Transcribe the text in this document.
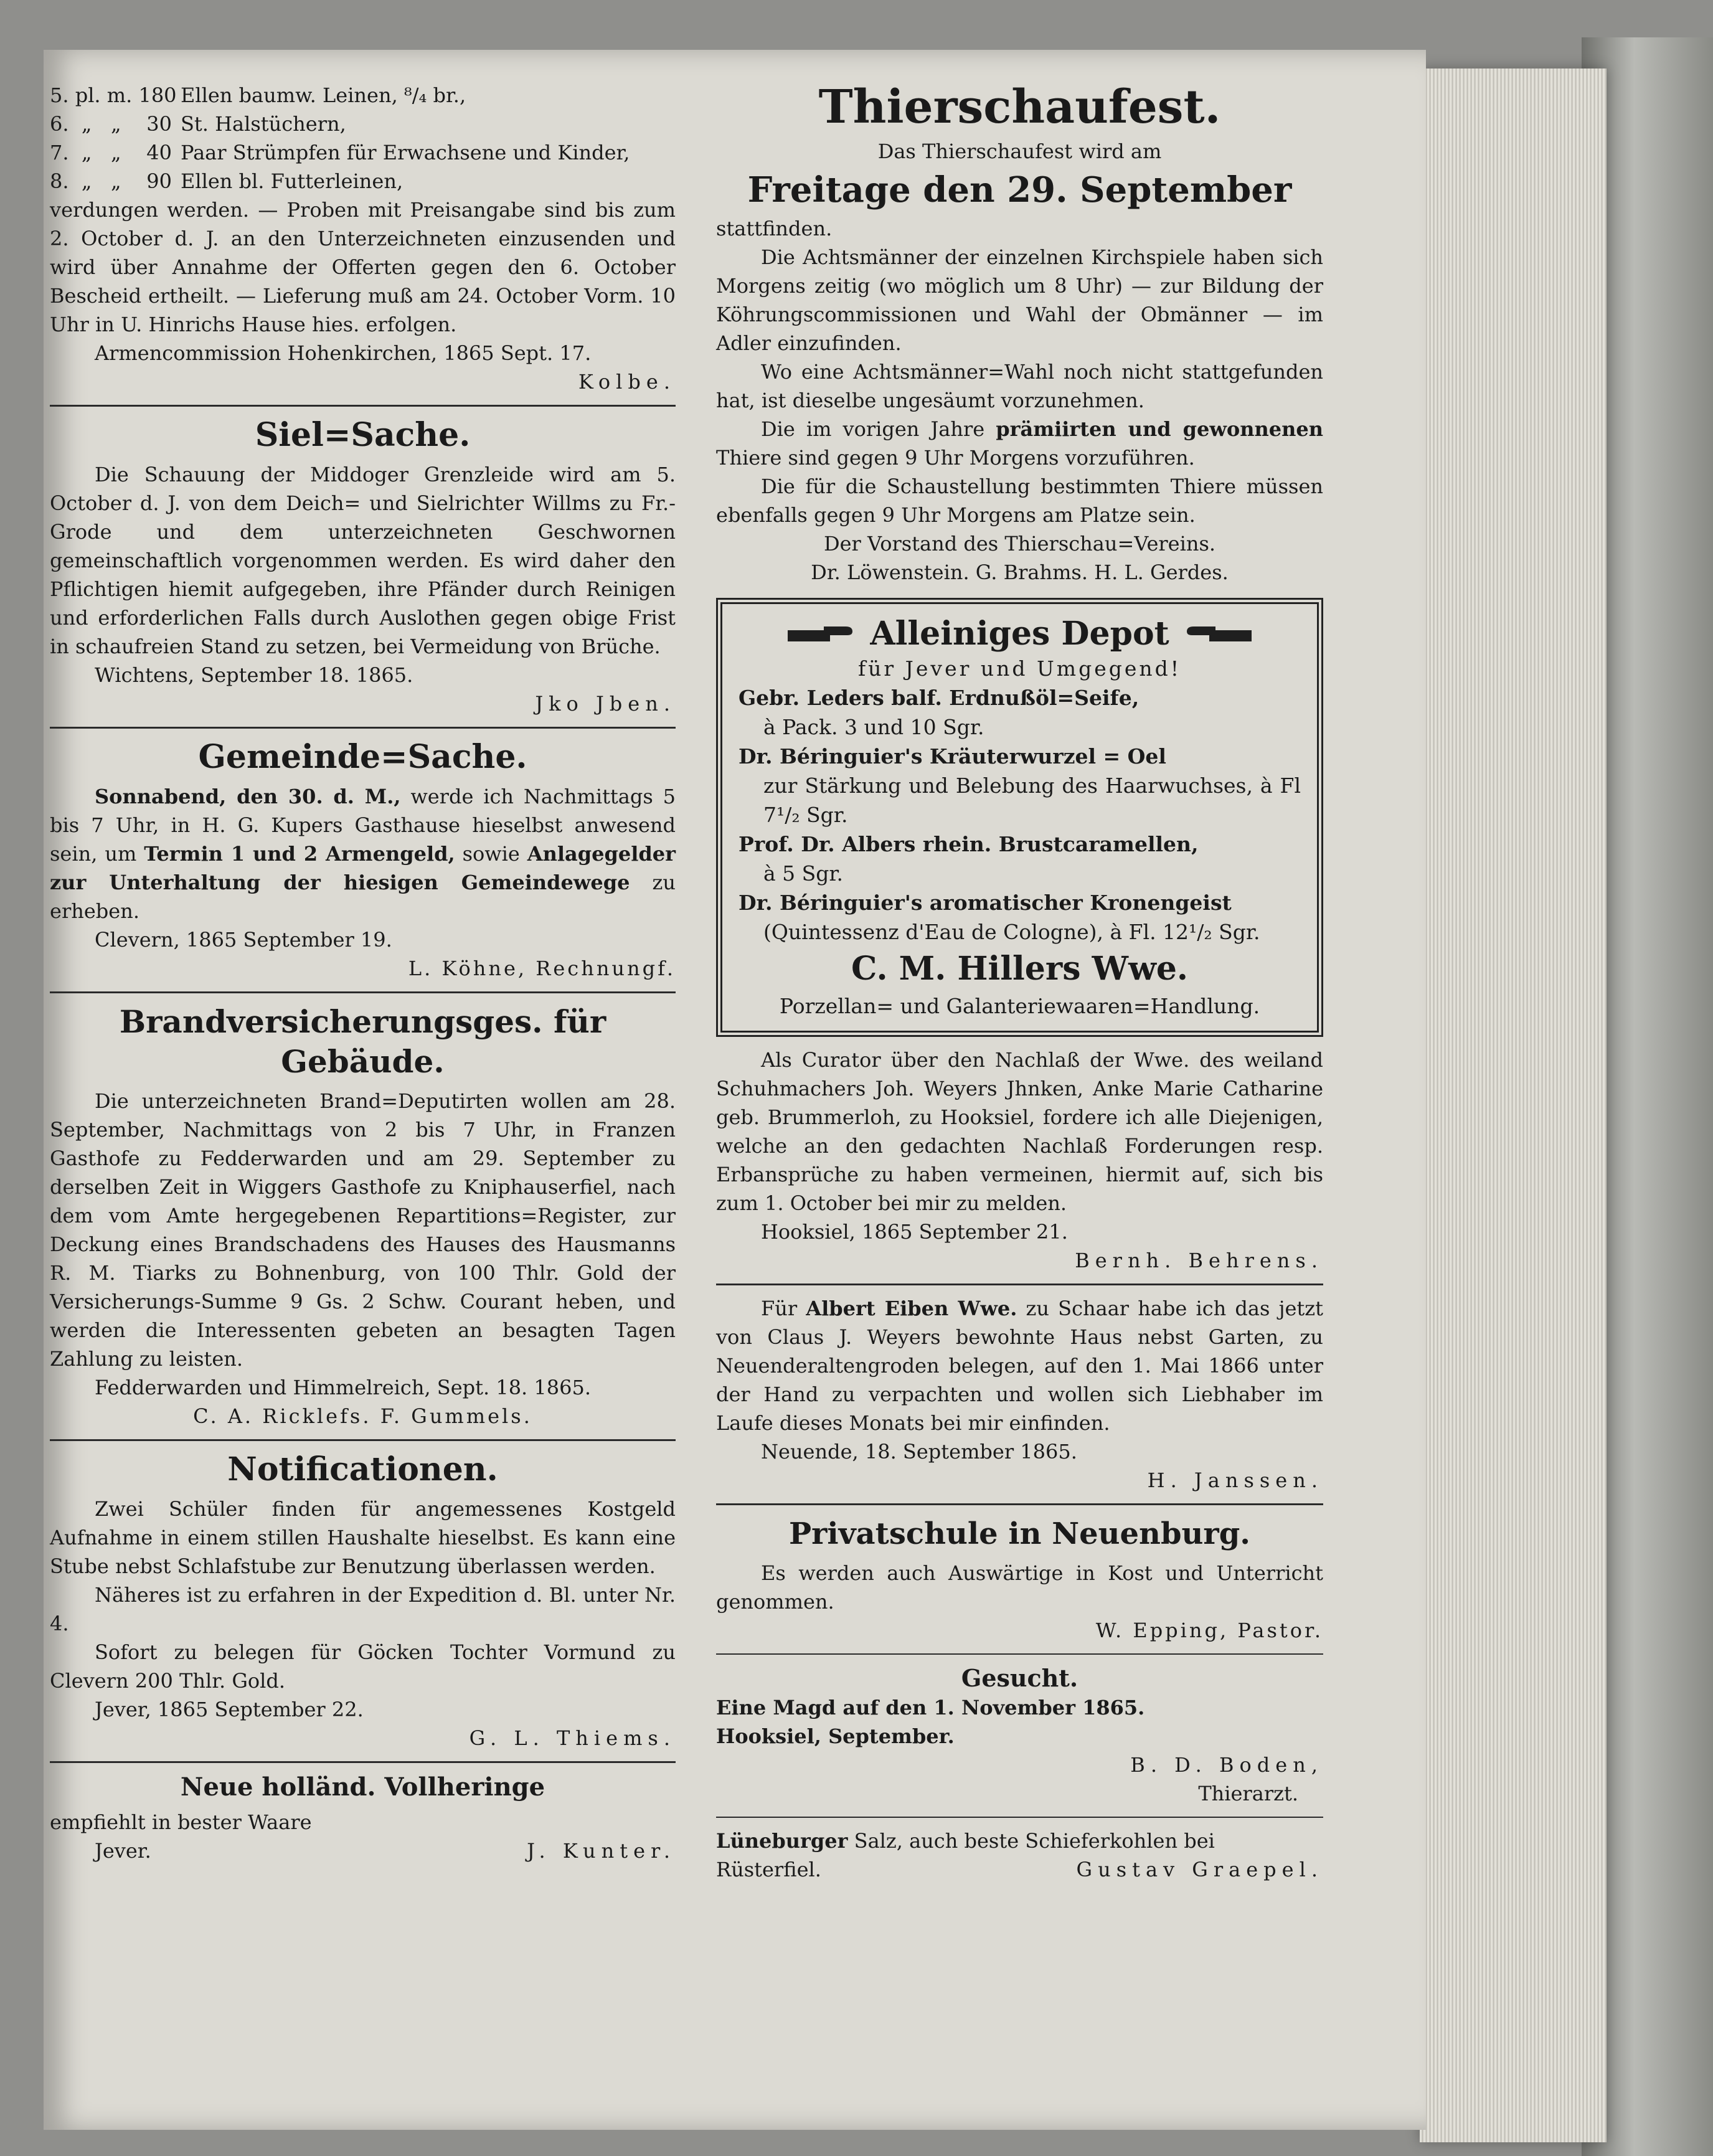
5. pl. m. 180 Ellen baumw. Leinen, ⁸/₄ br.,
6.  „   „    30 St. Halstüchern,
7.  „   „    40 Paar Strümpfen für Erwachsene und Kinder,
8.  „   „    90 Ellen bl. Futterleinen,

verdungen werden. — Proben mit Preisangabe sind bis zum 2. October d. J. an den Unterzeichneten einzusenden und wird über Annahme der Offerten gegen den 6. October Bescheid ertheilt. — Lieferung muß am 24. October Vorm. 10 Uhr in U. Hinrichs Hause hies. erfolgen.

Armencommission Hohenkirchen, 1865 Sept. 17.

Kolbe.

Siel=Sache.

Die Schauung der Middoger Grenzleide wird am 5. October d. J. von dem Deich= und Sielrichter Willms zu Fr.-Grode und dem unterzeichneten Geschwornen gemeinschaftlich vorgenommen werden. Es wird daher den Pflichtigen hiemit aufgegeben, ihre Pfänder durch Reinigen und erforderlichen Falls durch Auslothen gegen obige Frist in schaufreien Stand zu setzen, bei Vermeidung von Brüche.

Wichtens, September 18. 1865.

Jko Jben.

Gemeinde=Sache.

Sonnabend, den 30. d. M., werde ich Nachmittags 5 bis 7 Uhr, in H. G. Kupers Gasthause hieselbst anwesend sein, um Termin 1 und 2 Armengeld, sowie Anlagegelder zur Unterhaltung der hiesigen Gemeindewege zu erheben.

Clevern, 1865 September 19.

L. Köhne, Rechnungf.

Brandversicherungsges. für Gebäude.

Die unterzeichneten Brand=Deputirten wollen am 28. September, Nachmittags von 2 bis 7 Uhr, in Franzen Gasthofe zu Fedderwarden und am 29. September zu derselben Zeit in Wiggers Gasthofe zu Kniphauserfiel, nach dem vom Amte hergegebenen Repartitions=Register, zur Deckung eines Brandschadens des Hauses des Hausmanns R. M. Tiarks zu Bohnenburg, von 100 Thlr. Gold der Versicherungs-Summe 9 Gs. 2 Schw. Courant heben, und werden die Interessenten gebeten an besagten Tagen Zahlung zu leisten.

Fedderwarden und Himmelreich, Sept. 18. 1865.

C. A. Ricklefs. F. Gummels.

Notificationen.

Zwei Schüler finden für angemessenes Kostgeld Aufnahme in einem stillen Haushalte hieselbst. Es kann eine Stube nebst Schlafstube zur Benutzung überlassen werden.

Näheres ist zu erfahren in der Expedition d. Bl. unter Nr. 4.

Sofort zu belegen für Göcken Tochter Vormund zu Clevern 200 Thlr. Gold.

Jever, 1865 September 22.

G. L. Thiems.

Neue holländ. Vollheringe

empfiehlt in bester Waare

Jever.	J. Kunter.
Thierschaufest.

Das Thierschaufest wird am

Freitage den 29. September

stattfinden.

Die Achtsmänner der einzelnen Kirchspiele haben sich Morgens zeitig (wo möglich um 8 Uhr) — zur Bildung der Köhrungscommissionen und Wahl der Obmänner — im Adler einzufinden.

Wo eine Achtsmänner=Wahl noch nicht stattgefunden hat, ist dieselbe ungesäumt vorzunehmen.

Die im vorigen Jahre prämiirten und gewonnenen Thiere sind gegen 9 Uhr Morgens vorzuführen.

Die für die Schaustellung bestimmten Thiere müssen ebenfalls gegen 9 Uhr Morgens am Platze sein.

Der Vorstand des Thierschau=Vereins.

Dr. Löwenstein. G. Brahms. H. L. Gerdes.

Alleiniges Depot

für Jever und Umgegend!

Gebr. Leders balf. Erdnußöl=Seife,

à Pack. 3 und 10 Sgr.

Dr. Béringuier's Kräuterwurzel = Oel

zur Stärkung und Belebung des Haarwuchses, à Fl 7¹/₂ Sgr.

Prof. Dr. Albers rhein. Brustcaramellen,

à 5 Sgr.

Dr. Béringuier's aromatischer Kronengeist

(Quintessenz d'Eau de Cologne), à Fl. 12¹/₂ Sgr.

C. M. Hillers Wwe.

Porzellan= und Galanteriewaaren=Handlung.

Als Curator über den Nachlaß der Wwe. des weiland Schuhmachers Joh. Weyers Jhnken, Anke Marie Catharine geb. Brummerloh, zu Hooksiel, fordere ich alle Diejenigen, welche an den gedachten Nachlaß Forderungen resp. Erbansprüche zu haben vermeinen, hiermit auf, sich bis zum 1. October bei mir zu melden.

Hooksiel, 1865 September 21.

Bernh. Behrens.

Für Albert Eiben Wwe. zu Schaar habe ich das jetzt von Claus J. Weyers bewohnte Haus nebst Garten, zu Neuenderaltengroden belegen, auf den 1. Mai 1866 unter der Hand zu verpachten und wollen sich Liebhaber im Laufe dieses Monats bei mir einfinden.

Neuende, 18. September 1865.

H. Janssen.

Privatschule in Neuenburg.

Es werden auch Auswärtige in Kost und Unterricht genommen.

W. Epping, Pastor.

Gesucht.

Eine Magd auf den 1. November 1865.

Hooksiel, September.

B. D. Boden,

Thierarzt.

Lüneburger Salz, auch beste Schieferkohlen bei

Rüsterfiel.	Gustav Graepel.
